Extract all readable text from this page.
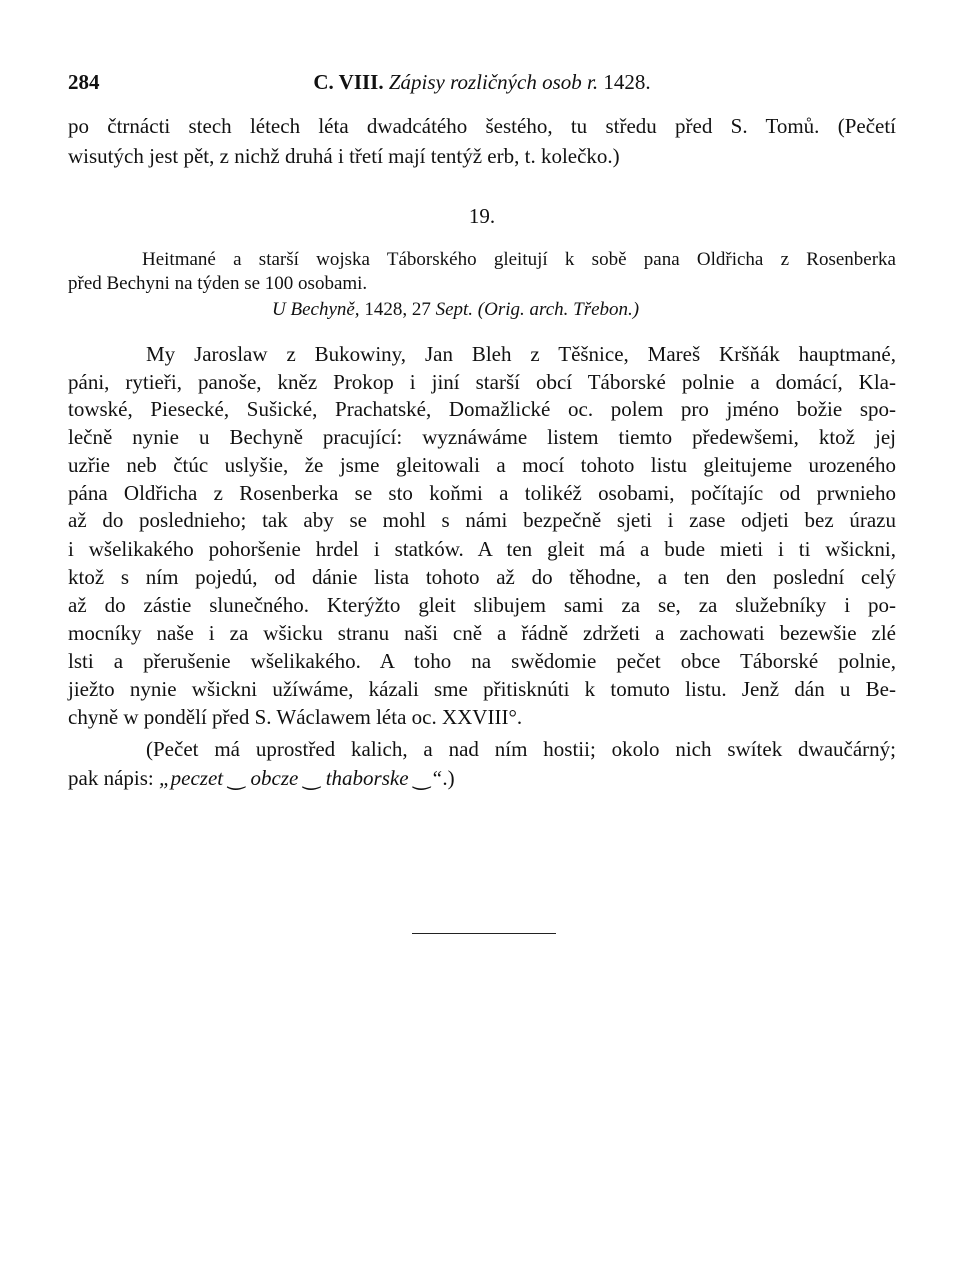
284	C. VIII. Zápisy rozličných osob r. 1428.
po čtrnácti stech létech léta dwadcátého šestého, tu středu před S. Tomů. (Pečetí
wisutých jest pět, z nichž druhá i třetí mají tentýž erb, t. kolečko.)
19.
Heitmané a starší wojska Táborského gleitují k sobě pana Oldřicha z Rosenberka
před Bechyni na týden se 100 osobami.
U Bechyně, 1428, 27 Sept. (Orig. arch. Třebon.)
My Jaroslaw z Bukowiny, Jan Bleh z Těšnice, Mareš Kršňák hauptmané,
páni, rytieři, panoše, kněz Prokop i jiní starší obcí Táborské polnie a domácí, Kla-
towské, Piesecké, Sušické, Prachatské, Domažlické oc. polem pro jméno božie spo-
lečně nynie u Bechyně pracující: wyznáwáme listem tiemto předewšemi, ktož jej
uzřie neb čtúc uslyšie, že jsme gleitowali a mocí tohoto listu gleitujeme urozeného
pána Oldřicha z Rosenberka se sto koňmi a tolikéž osobami, počítajíc od prwnieho
až do poslednieho; tak aby se mohl s námi bezpečně sjeti i zase odjeti bez úrazu
i wšelikakého pohoršenie hrdel i statków. A ten gleit má a bude mieti i ti wšickni,
ktož s ním pojedú, od dánie lista tohoto až do těhodne, a ten den poslední celý
až do zástie slunečného. Kterýžto gleit slibujem sami za se, za služebníky i po-
mocníky naše i za wšicku stranu naši cně a řádně zdržeti a zachowati bezewšie zlé
lsti a přerušenie wšelikakého. A toho na swědomie pečet obce Táborské polnie,
jiežto nynie wšickni užíwáme, kázali sme přitisknúti k tomuto listu. Jenž dán u Be-
chyně w pondělí před S. Wáclawem léta oc. XXVIII°.
(Pečet má uprostřed kalich, a nad ním hostii; okolo nich swítek dwaučárný;
pak nápis: „peczet ‿ obcze ‿ thaborske ‿“.)
